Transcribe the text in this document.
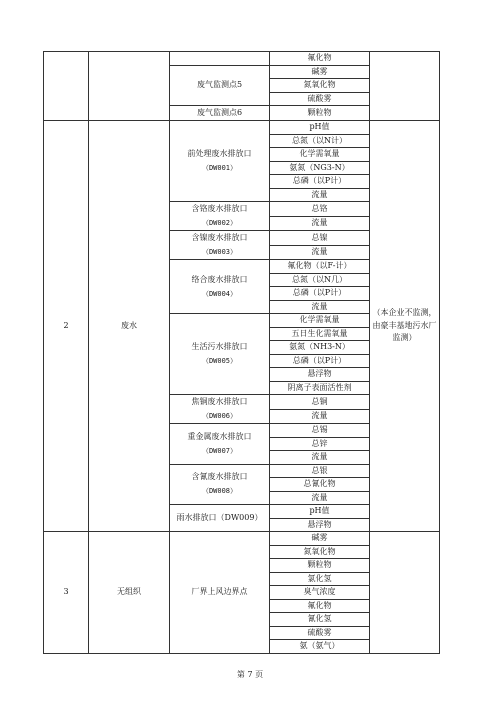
			氟化物	
		废气监测点5	碱雾	
			氮氧化物	
			硫酸雾	
		废气监测点6	颗粒物	
2	废水	前处理废水排放口
（DW001）	pH值	（本企业不监测，由豪丰基地污水厂监测）
			总氮（以N计）	
			化学需氧量	
			氨氮（NG3-N）	
			总磷（以P计）	
			流量	
		含铬废水排放口
（DW002）	总铬	
			流量	
		含镍废水排放口
（DW003）	总镍	
			流量	
		络合废水排放口
（DW004）	氟化物（以F-计）	
			总氮（以N几）	
			总磷（以P计）	
			流量	
		生活污水排放口
（DW005）	化学需氧量	
			五日生化需氧量	
			氨氮（NH3-N）	
			总磷（以P计）	
			悬浮物	
			阴离子表面活性剂	
		焦铜废水排放口
（DW006）	总铜	
			流量	
		重金属废水排放口
（DW007）	总锡	
			总锌	
			流量	
		含氰废水排放口
（DW008）	总银	
			总氰化物	
			流量	
		雨水排放口（DW009）	pH值	
			悬浮物	
3	无组织	厂界上风边界点	碱雾	
			氮氧化物	
			颗粒物	
			氯化氢	
			臭气浓度	
			氟化物	
			氰化氢	
			硫酸雾	
			氨（氨气）	
第 7 页
